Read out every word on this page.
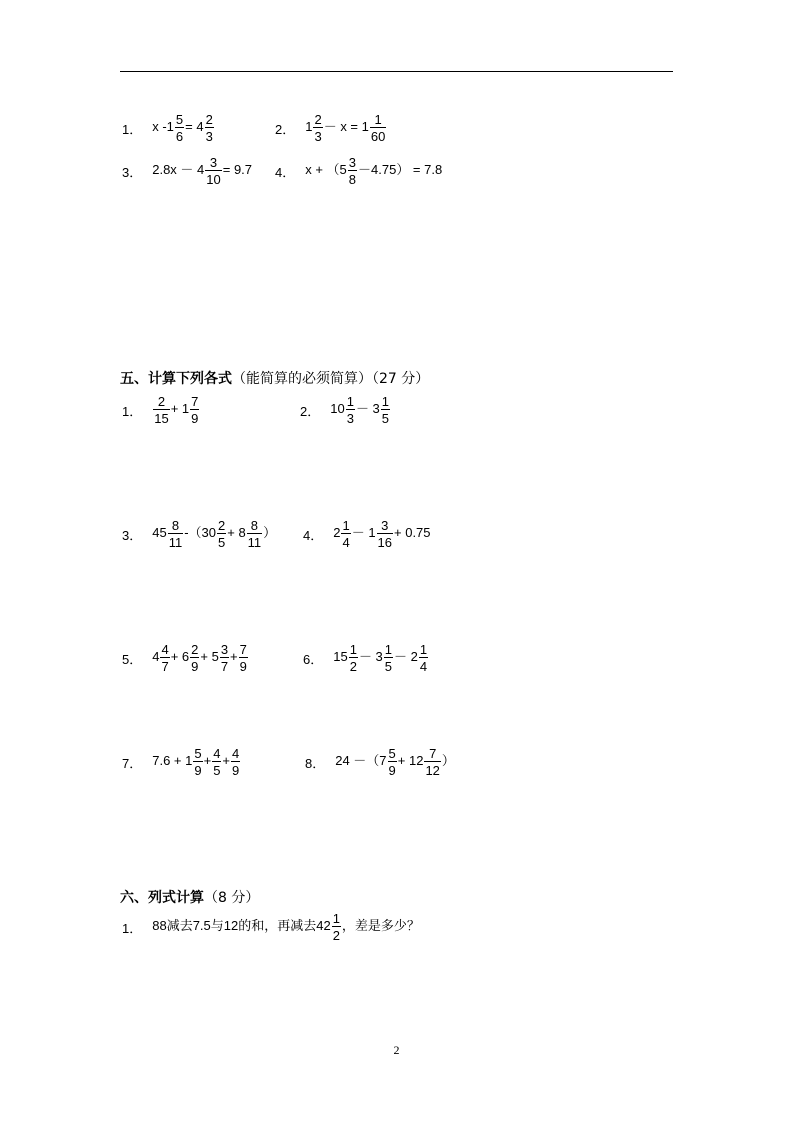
1． x $-1 \frac{5}{6} = 4 \frac{2}{3}$	2． $1 \frac{2}{3} - x = 1 \frac{1}{60}$
3． $2.8x - 4 \frac{3}{10} = 9.7$ 4． $x + (5 \frac{3}{8} -4.75) = 7.8$
五、计算下列各式（能简算的必须简算）（27 分）
1． $\frac{2}{15} + 1 \frac{7}{9}$	2． $10 \frac{1}{3} - 3 \frac{1}{5}$
3． $45 \frac{8}{11} -(30 \frac{2}{5} + 8 \frac{8}{11}$ ） 4． $2 \frac{1}{4} - 1 \frac{3}{16} + 0.75$
5． $4 \frac{4}{7} + 6 \frac{2}{9} + 5 \frac{3}{7} + \frac{7}{9}$	6． $15 \frac{1}{2} - 3 \frac{1}{5} - 2 \frac{1}{4}$
7． $7.6 + 1 \frac{5}{9} + \frac{4}{5} + \frac{4}{9}$	8． $24 -(7 \frac{5}{9} + 12 \frac{7}{12}$ ）
六、列式计算（8 分）
1． 88减去7.5与12的和，再减去$42 \frac{1}{2}$ ，差是多少？
2
